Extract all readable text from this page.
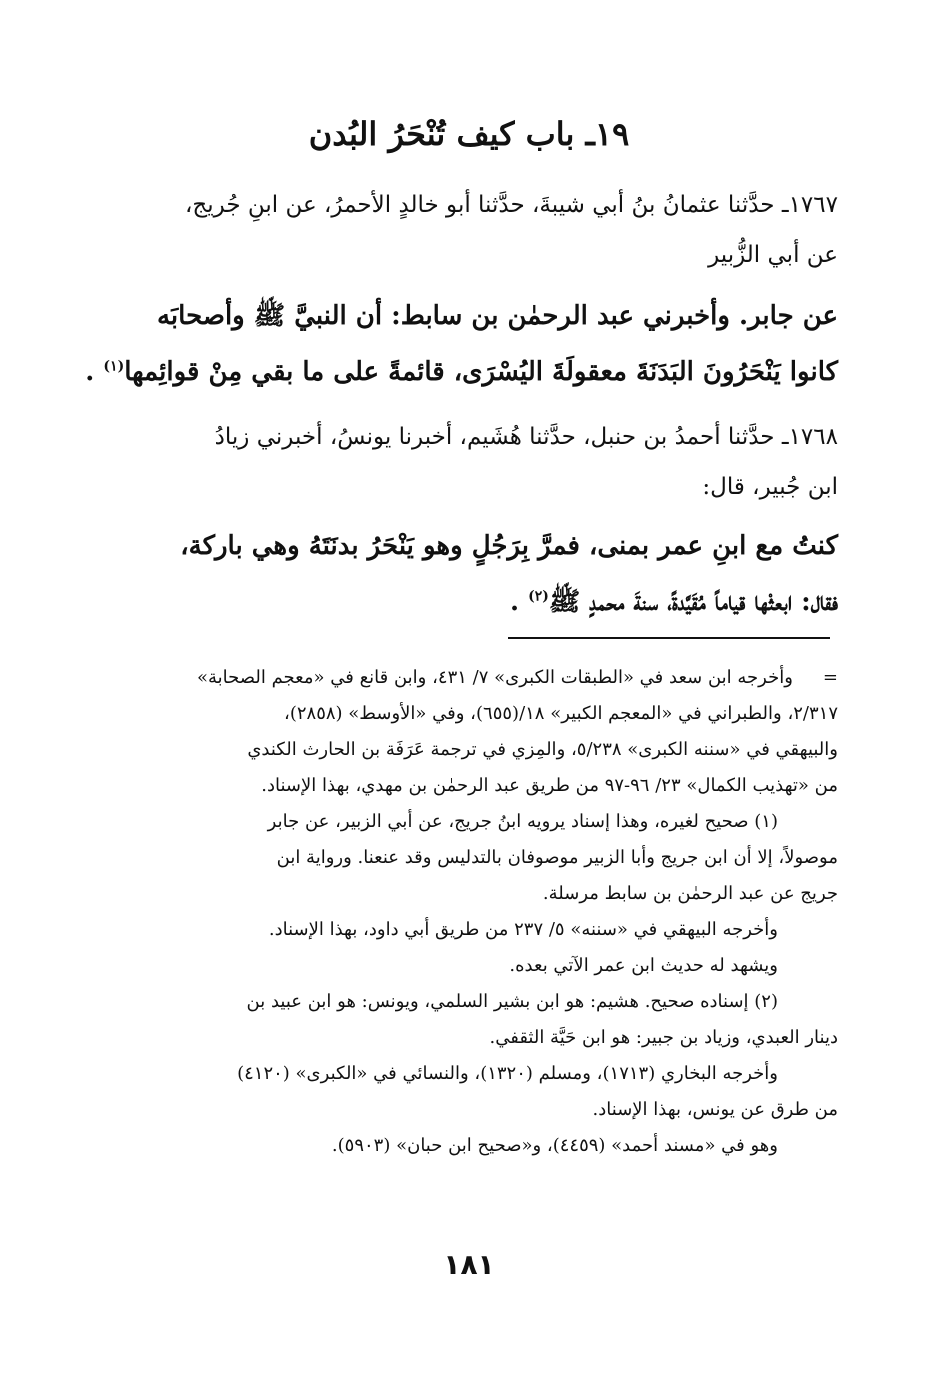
١٩ـ باب كيف تُنْحَرُ البُدن
١٧٦٧ـ حدَّثنا عثمانُ بنُ أبي شيبةَ، حدَّثنا أبو خالدٍ الأحمرُ، عن ابنِ جُريج،
عن أبي الزُّبير
عن جابر. وأخبرني عبد الرحمٰن بن سابط: أن النبيَّ ﷺ وأصحابَه
كانوا يَنْحَرُونَ البَدَنَةَ معقولَةَ اليُسْرَى، قائمةً على ما بقي مِنْ قوائِمها$^{(١)}$ .
١٧٦٨ـ حدَّثنا أحمدُ بن حنبل، حدَّثنا هُشَيم، أخبرنا يونسُ، أخبرني زيادُ
ابن جُبير، قال:
كنتُ مع ابنِ عمر بمنى، فمرَّ بِرَجُلٍ وهو يَنْحَرُ بدنَتَهُ وهي باركة،
فقال: ابعثْها قياماً مُقَيَّدةً، سنةَ محمدٍ ﷺ$^{(٢)}$ .
=وأخرجه ابن سعد في «الطبقات الكبرى» ٧/ ٤٣١، وابن قانع في «معجم الصحابة»
٢/٣١٧، والطبراني في «المعجم الكبير» ١٨/(٦٥٥)، وفي «الأوسط» (٢٨٥٨)،
والبيهقي في «سننه الكبرى» ٥/٢٣٨، والمِزي في ترجمة عَرَفَة بن الحارث الكندي
من «تهذيب الكمال» ٢٣/ ٩٦-٩٧ من طريق عبد الرحمٰن بن مهدي، بهذا الإسناد.
(١) صحيح لغيره، وهذا إسناد يرويه ابنُ جريج، عن أبي الزبير، عن جابر
موصولاً، إلا أن ابن جريج وأبا الزبير موصوفان بالتدليس وقد عنعنا. ورواية ابن
جريج عن عبد الرحمٰن بن سابط مرسلة.
وأخرجه البيهقي في «سننه» ٥/ ٢٣٧ من طريق أبي داود، بهذا الإسناد.
ويشهد له حديث ابن عمر الآتي بعده.
(٢) إسناده صحيح. هشيم: هو ابن بشير السلمي، ويونس: هو ابن عبيد بن
دينار العبدي، وزياد بن جبير: هو ابن حَيَّة الثقفي.
وأخرجه البخاري (١٧١٣)، ومسلم (١٣٢٠)، والنسائي في «الكبرى» (٤١٢٠)
من طرق عن يونس، بهذا الإسناد.
وهو في «مسند أحمد» (٤٤٥٩)، و«صحيح ابن حبان» (٥٩٠٣).
١٨١
